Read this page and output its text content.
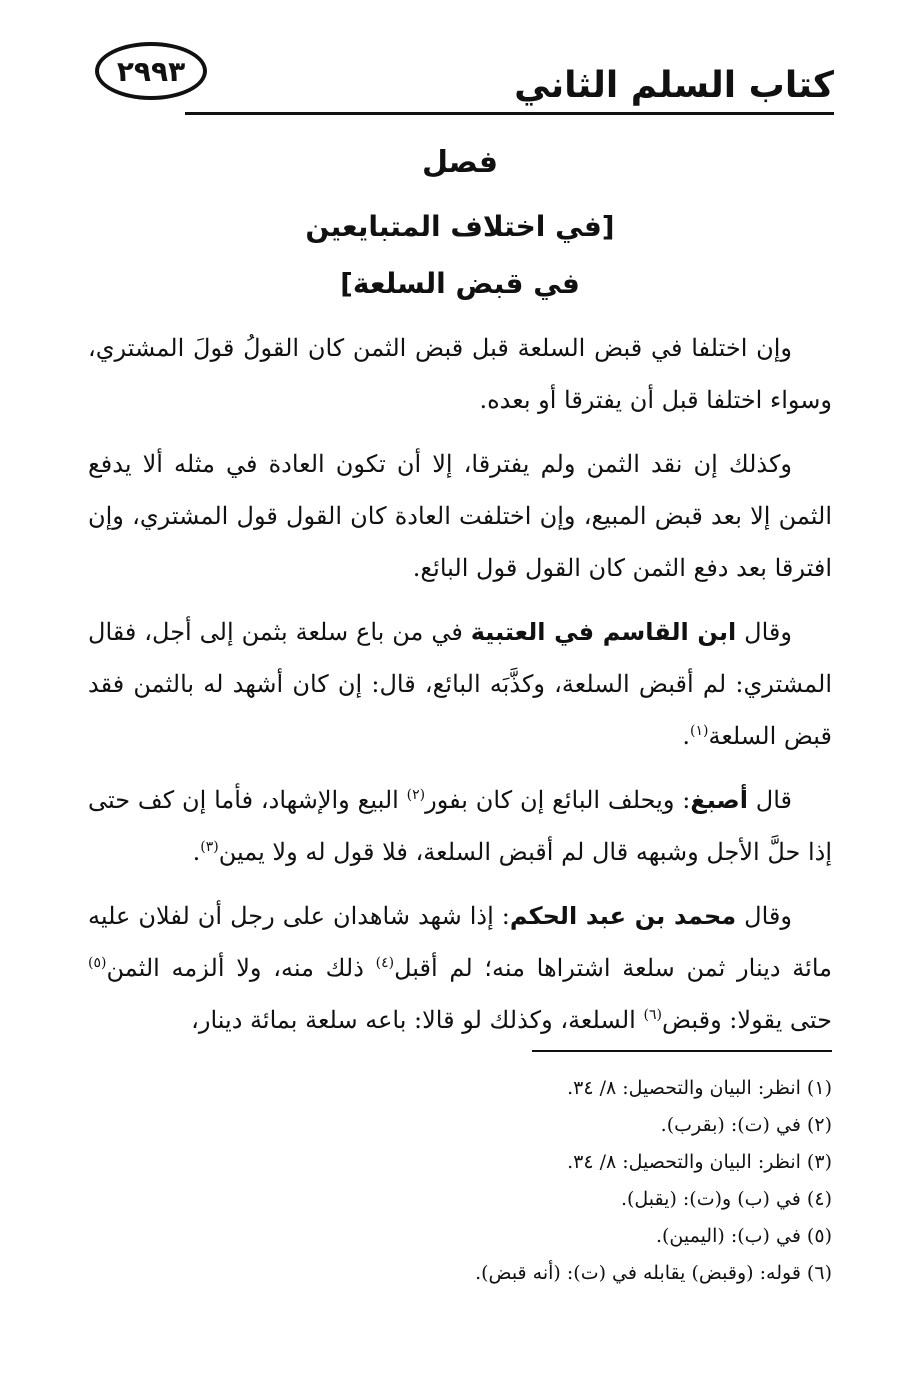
كتاب السلم الثاني
٢٩٩٣
فصل
[في اختلاف المتبايعين
في قبض السلعة]

وإن اختلفا في قبض السلعة قبل قبض الثمن كان القولُ قولَ المشتري، وسواء اختلفا قبل أن يفترقا أو بعده.

وكذلك إن نقد الثمن ولم يفترقا، إلا أن تكون العادة في مثله ألا يدفع الثمن إلا بعد قبض المبيع، وإن اختلفت العادة كان القول قول المشتري، وإن افترقا بعد دفع الثمن كان القول قول البائع.

وقال ابن القاسم في العتبية في من باع سلعة بثمن إلى أجل، فقال المشتري: لم أقبض السلعة، وكذَّبَه البائع، قال: إن كان أشهد له بالثمن فقد قبض السلعة$^{(١)}$.

قال أصبغ: ويحلف البائع إن كان بفور$^{(٢)}$ البيع والإشهاد، فأما إن كف حتى إذا حلَّ الأجل وشبهه قال لم أقبض السلعة، فلا قول له ولا يمين$^{(٣)}$.

وقال محمد بن عبد الحكم: إذا شهد شاهدان على رجل أن لفلان عليه مائة دينار ثمن سلعة اشتراها منه؛ لم أقبل$^{(٤)}$ ذلك منه، ولا ألزمه الثمن$^{(٥)}$ حتى يقولا: وقبض$^{(٦)}$ السلعة، وكذلك لو قالا: باعه سلعة بمائة دينار،

(١) انظر: البيان والتحصيل: ٨/ ٣٤.
(٢) في (ت): (بقرب).
(٣) انظر: البيان والتحصيل: ٨/ ٣٤.
(٤) في (ب) و(ت): (يقبل).
(٥) في (ب): (اليمين).
(٦) قوله: (وقبض) يقابله في (ت): (أنه قبض).
